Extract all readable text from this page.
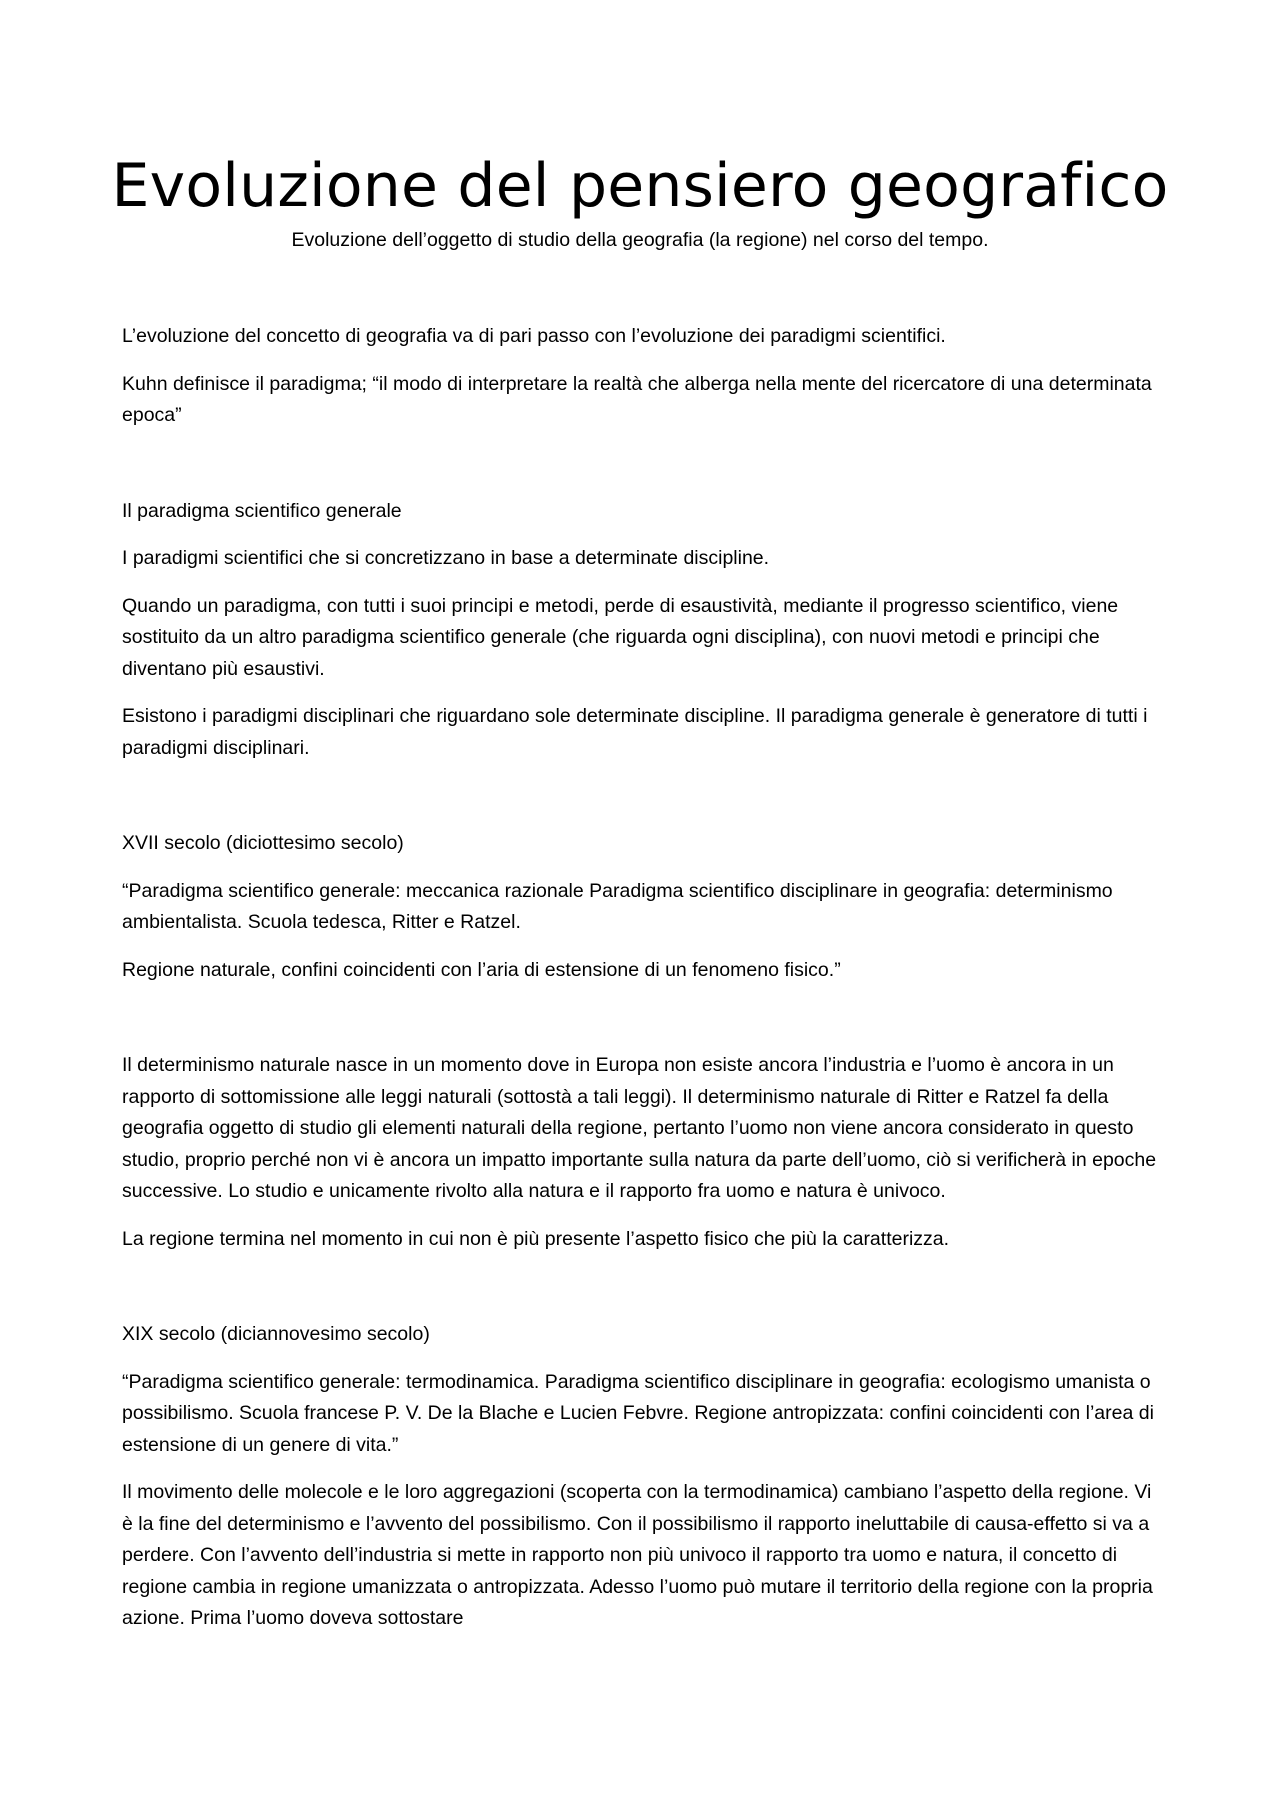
Evoluzione del pensiero geografico

Evoluzione dell’oggetto di studio della geografia (la regione) nel corso del tempo.

L’evoluzione del concetto di geografia va di pari passo con l’evoluzione dei paradigmi scientifici.

Kuhn definisce il paradigma; “il modo di interpretare la realtà che alberga nella mente del ricercatore di una determinata epoca”

Il paradigma scientifico generale

I paradigmi scientifici che si concretizzano in base a determinate discipline.

Quando un paradigma, con tutti i suoi principi e metodi, perde di esaustività, mediante il progresso scientifico, viene sostituito da un altro paradigma scientifico generale (che riguarda ogni disciplina), con nuovi metodi e principi che diventano più esaustivi.

Esistono i paradigmi disciplinari che riguardano sole determinate discipline. Il paradigma generale è generatore di tutti i paradigmi disciplinari.

XVII secolo (diciottesimo secolo)

“Paradigma scientifico generale: meccanica razionale Paradigma scientifico disciplinare in geografia: determinismo ambientalista. Scuola tedesca, Ritter e Ratzel.

Regione naturale, confini coincidenti con l’aria di estensione di un fenomeno fisico.”

Il determinismo naturale nasce in un momento dove in Europa non esiste ancora l’industria e l’uomo è ancora in un rapporto di sottomissione alle leggi naturali (sottostà a tali leggi). Il determinismo naturale di Ritter e Ratzel fa della geografia oggetto di studio gli elementi naturali della regione, pertanto l’uomo non viene ancora considerato in questo studio, proprio perché non vi è ancora un impatto importante sulla natura da parte dell’uomo, ciò si verificherà in epoche successive. Lo studio e unicamente rivolto alla natura e il rapporto fra uomo e natura è univoco.

La regione termina nel momento in cui non è più presente l’aspetto fisico che più la caratterizza.

XIX secolo (diciannovesimo secolo)

“Paradigma scientifico generale: termodinamica. Paradigma scientifico disciplinare in geografia: ecologismo umanista o possibilismo. Scuola francese P. V. De la Blache e Lucien Febvre. Regione antropizzata: confini coincidenti con l’area di estensione di un genere di vita.”

Il movimento delle molecole e le loro aggregazioni (scoperta con la termodinamica) cambiano l’aspetto della regione. Vi è la fine del determinismo e l’avvento del possibilismo. Con il possibilismo il rapporto ineluttabile di causa-effetto si va a perdere. Con l’avvento dell’industria si mette in rapporto non più univoco il rapporto tra uomo e natura, il concetto di regione cambia in regione umanizzata o antropizzata. Adesso l’uomo può mutare il territorio della regione con la propria azione. Prima l’uomo doveva sottostare
